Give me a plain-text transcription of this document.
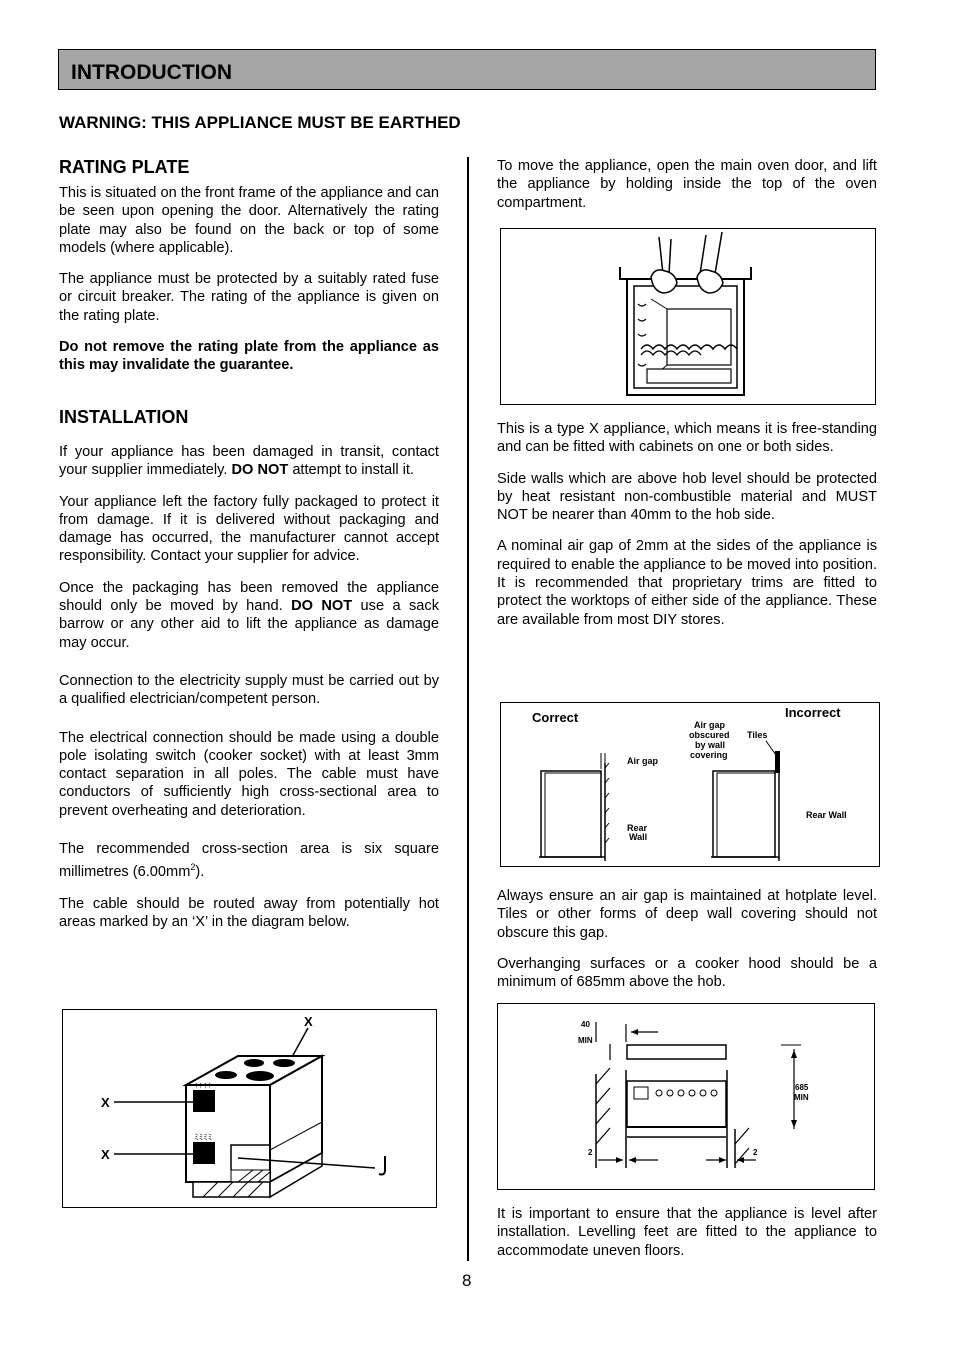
INTRODUCTION
WARNING: THIS APPLIANCE MUST BE EARTHED
RATING PLATE

This is situated on the front frame of the appliance and can be seen upon opening the door. Alternatively the rating plate may also be found on the back or top of some models (where applicable).

The appliance must be protected by a suitably rated fuse or circuit breaker. The rating of the appliance is given on the rating plate.

Do not remove the rating plate from the appliance as this may invalidate the guarantee.

INSTALLATION

If your appliance has been damaged in transit, contact your supplier immediately. DO NOT attempt to install it.

Your appliance left the factory fully packaged to protect it from damage. If it is delivered without packaging and damage has occurred, the manufacturer cannot accept responsibility. Contact your supplier for advice.

Once the packaging has been removed the appliance should only be moved by hand. DO NOT use a sack barrow or any other aid to lift the appliance as damage may occur.

Connection to the electricity supply must be carried out by a qualified electrician/competent person.

The electrical connection should be made using a double pole isolating switch (cooker socket) with at least 3mm contact separation in all poles. The cable must have conductors of sufficiently high cross-sectional area to prevent overheating and deterioration.

The recommended cross-section area is six square millimetres $(6.00mm^2)$.

The cable should be routed away from potentially hot areas marked by an ‘X’ in the diagram below.

↑↑↑↑
ﾐﾐﾐﾐ
X
X
X
To move the appliance, open the main oven door, and lift the appliance by holding inside the top of the oven compartment.

This is a type X appliance, which means it is free-standing and can be fitted with cabinets on one or both sides.

Side walls which are above hob level should be protected by heat resistant non-combustible material and MUST NOT be nearer than 40mm to the hob side.

A nominal air gap of 2mm at the sides of the appliance is required to enable the appliance to be moved into position. It is recommended that proprietary trims are fitted to protect the worktops of either side of the appliance. These are available from most DIY stores.

Correct	Incorrect
Air gap
Rear
Wall
Air gap
obscured
by wall
covering
Tiles
Rear Wall

Always ensure an air gap is maintained at hotplate level. Tiles or other forms of deep wall covering should not obscure this gap.

Overhanging surfaces or a cooker hood should be a minimum of 685mm above the hob.

40
MIN
685
MIN
2	2
It is important to ensure that the appliance is level after installation. Levelling feet are fitted to the appliance to accommodate uneven floors.
8
